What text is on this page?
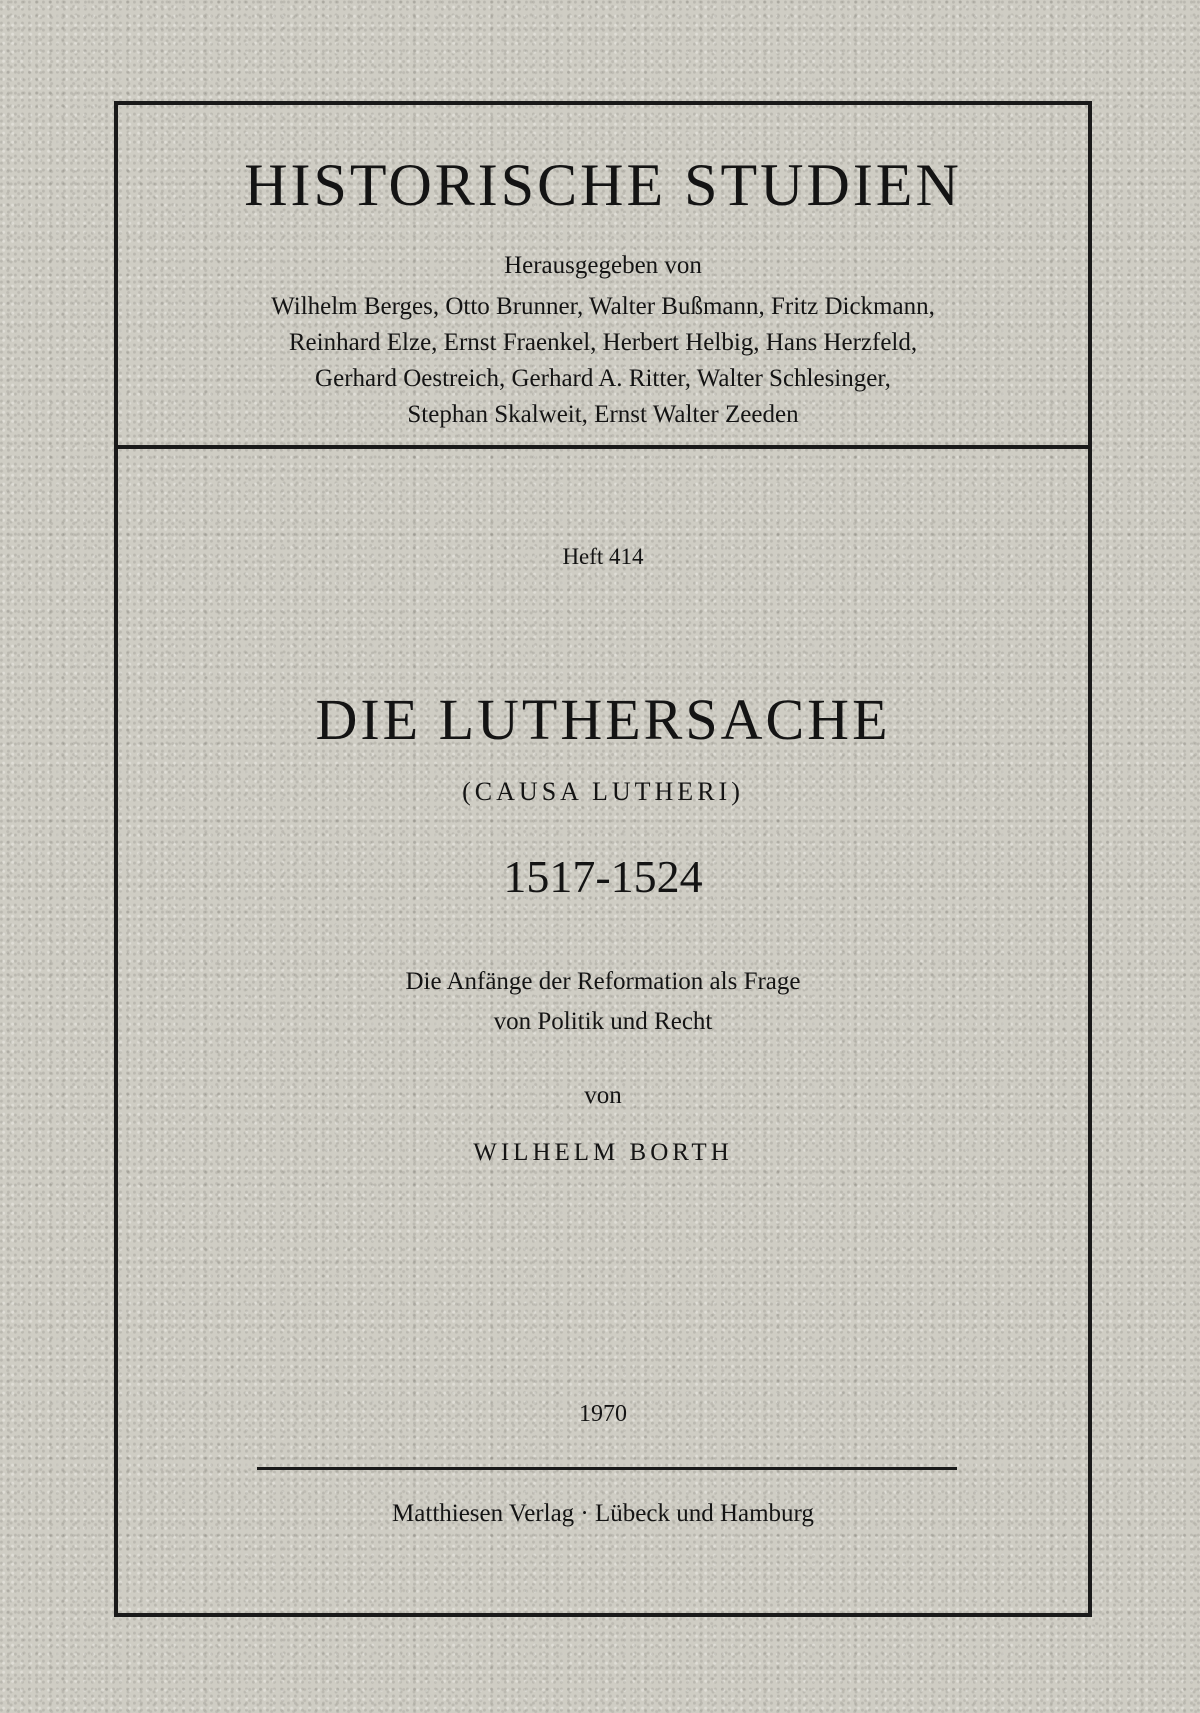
HISTORISCHE STUDIEN
Herausgegeben von
Wilhelm Berges, Otto Brunner, Walter Bußmann, Fritz Dickmann,
Reinhard Elze, Ernst Fraenkel, Herbert Helbig, Hans Herzfeld,
Gerhard Oestreich, Gerhard A. Ritter, Walter Schlesinger,
Stephan Skalweit, Ernst Walter Zeeden
Heft 414
DIE LUTHERSACHE
(CAUSA LUTHERI)
1517-1524
Die Anfänge der Reformation als Frage
von Politik und Recht
von
WILHELM BORTH
1970
Matthiesen Verlag · Lübeck und Hamburg
